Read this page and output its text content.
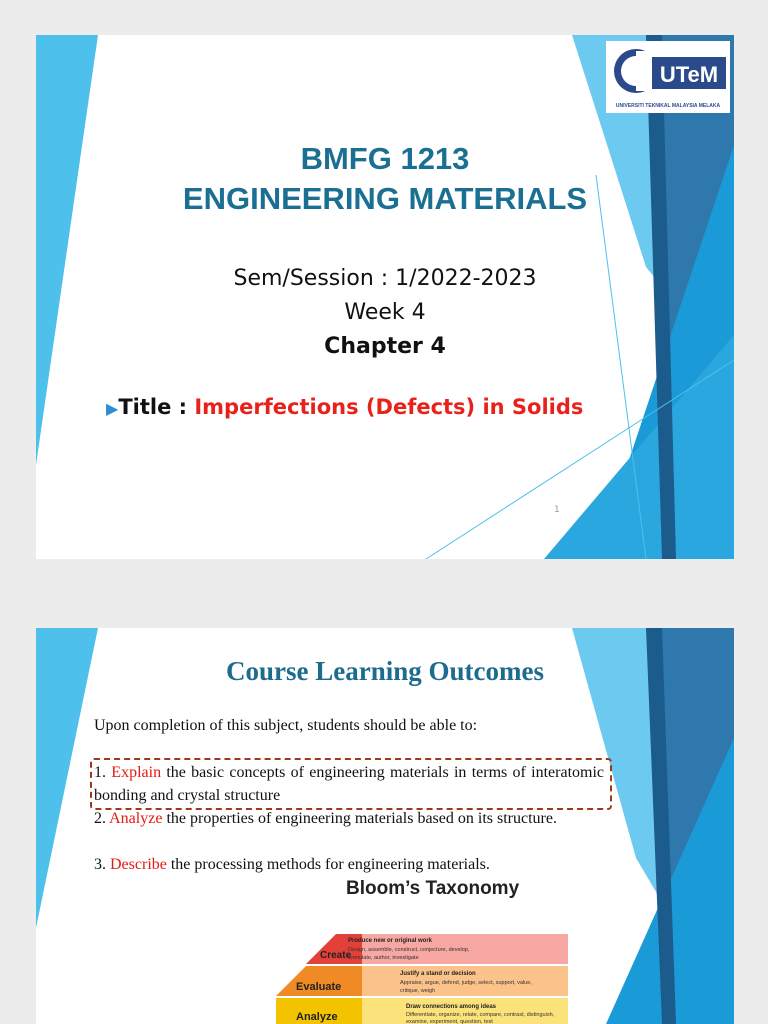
UTeM
UNIVERSITI TEKNIKAL MALAYSIA MELAKA
BMFG 1213
ENGINEERING MATERIALS
Sem/Session : 1/2022-2023
Week 4
Chapter 4
▶Title : Imperfections (Defects) in Solids
1
Course Learning Outcomes
Upon completion of this subject, students should be able to:
1. Explain the basic concepts of engineering materials in terms of interatomic bonding and crystal structure
2. Analyze the properties of engineering materials based on its structure.
3. Describe the processing methods for engineering materials.
Bloom’s Taxonomy
Create
Produce new or original work
Design, assemble, construct, conjecture, develop,
formulate, author, investigate
Evaluate
Justify a stand or decision
Appraise, argue, defend, judge, select, support, value,
critique, weigh
Analyze
Draw connections among ideas
Differentiate, organize, relate, compare, contrast, distinguish,
examine, experiment, question, test
